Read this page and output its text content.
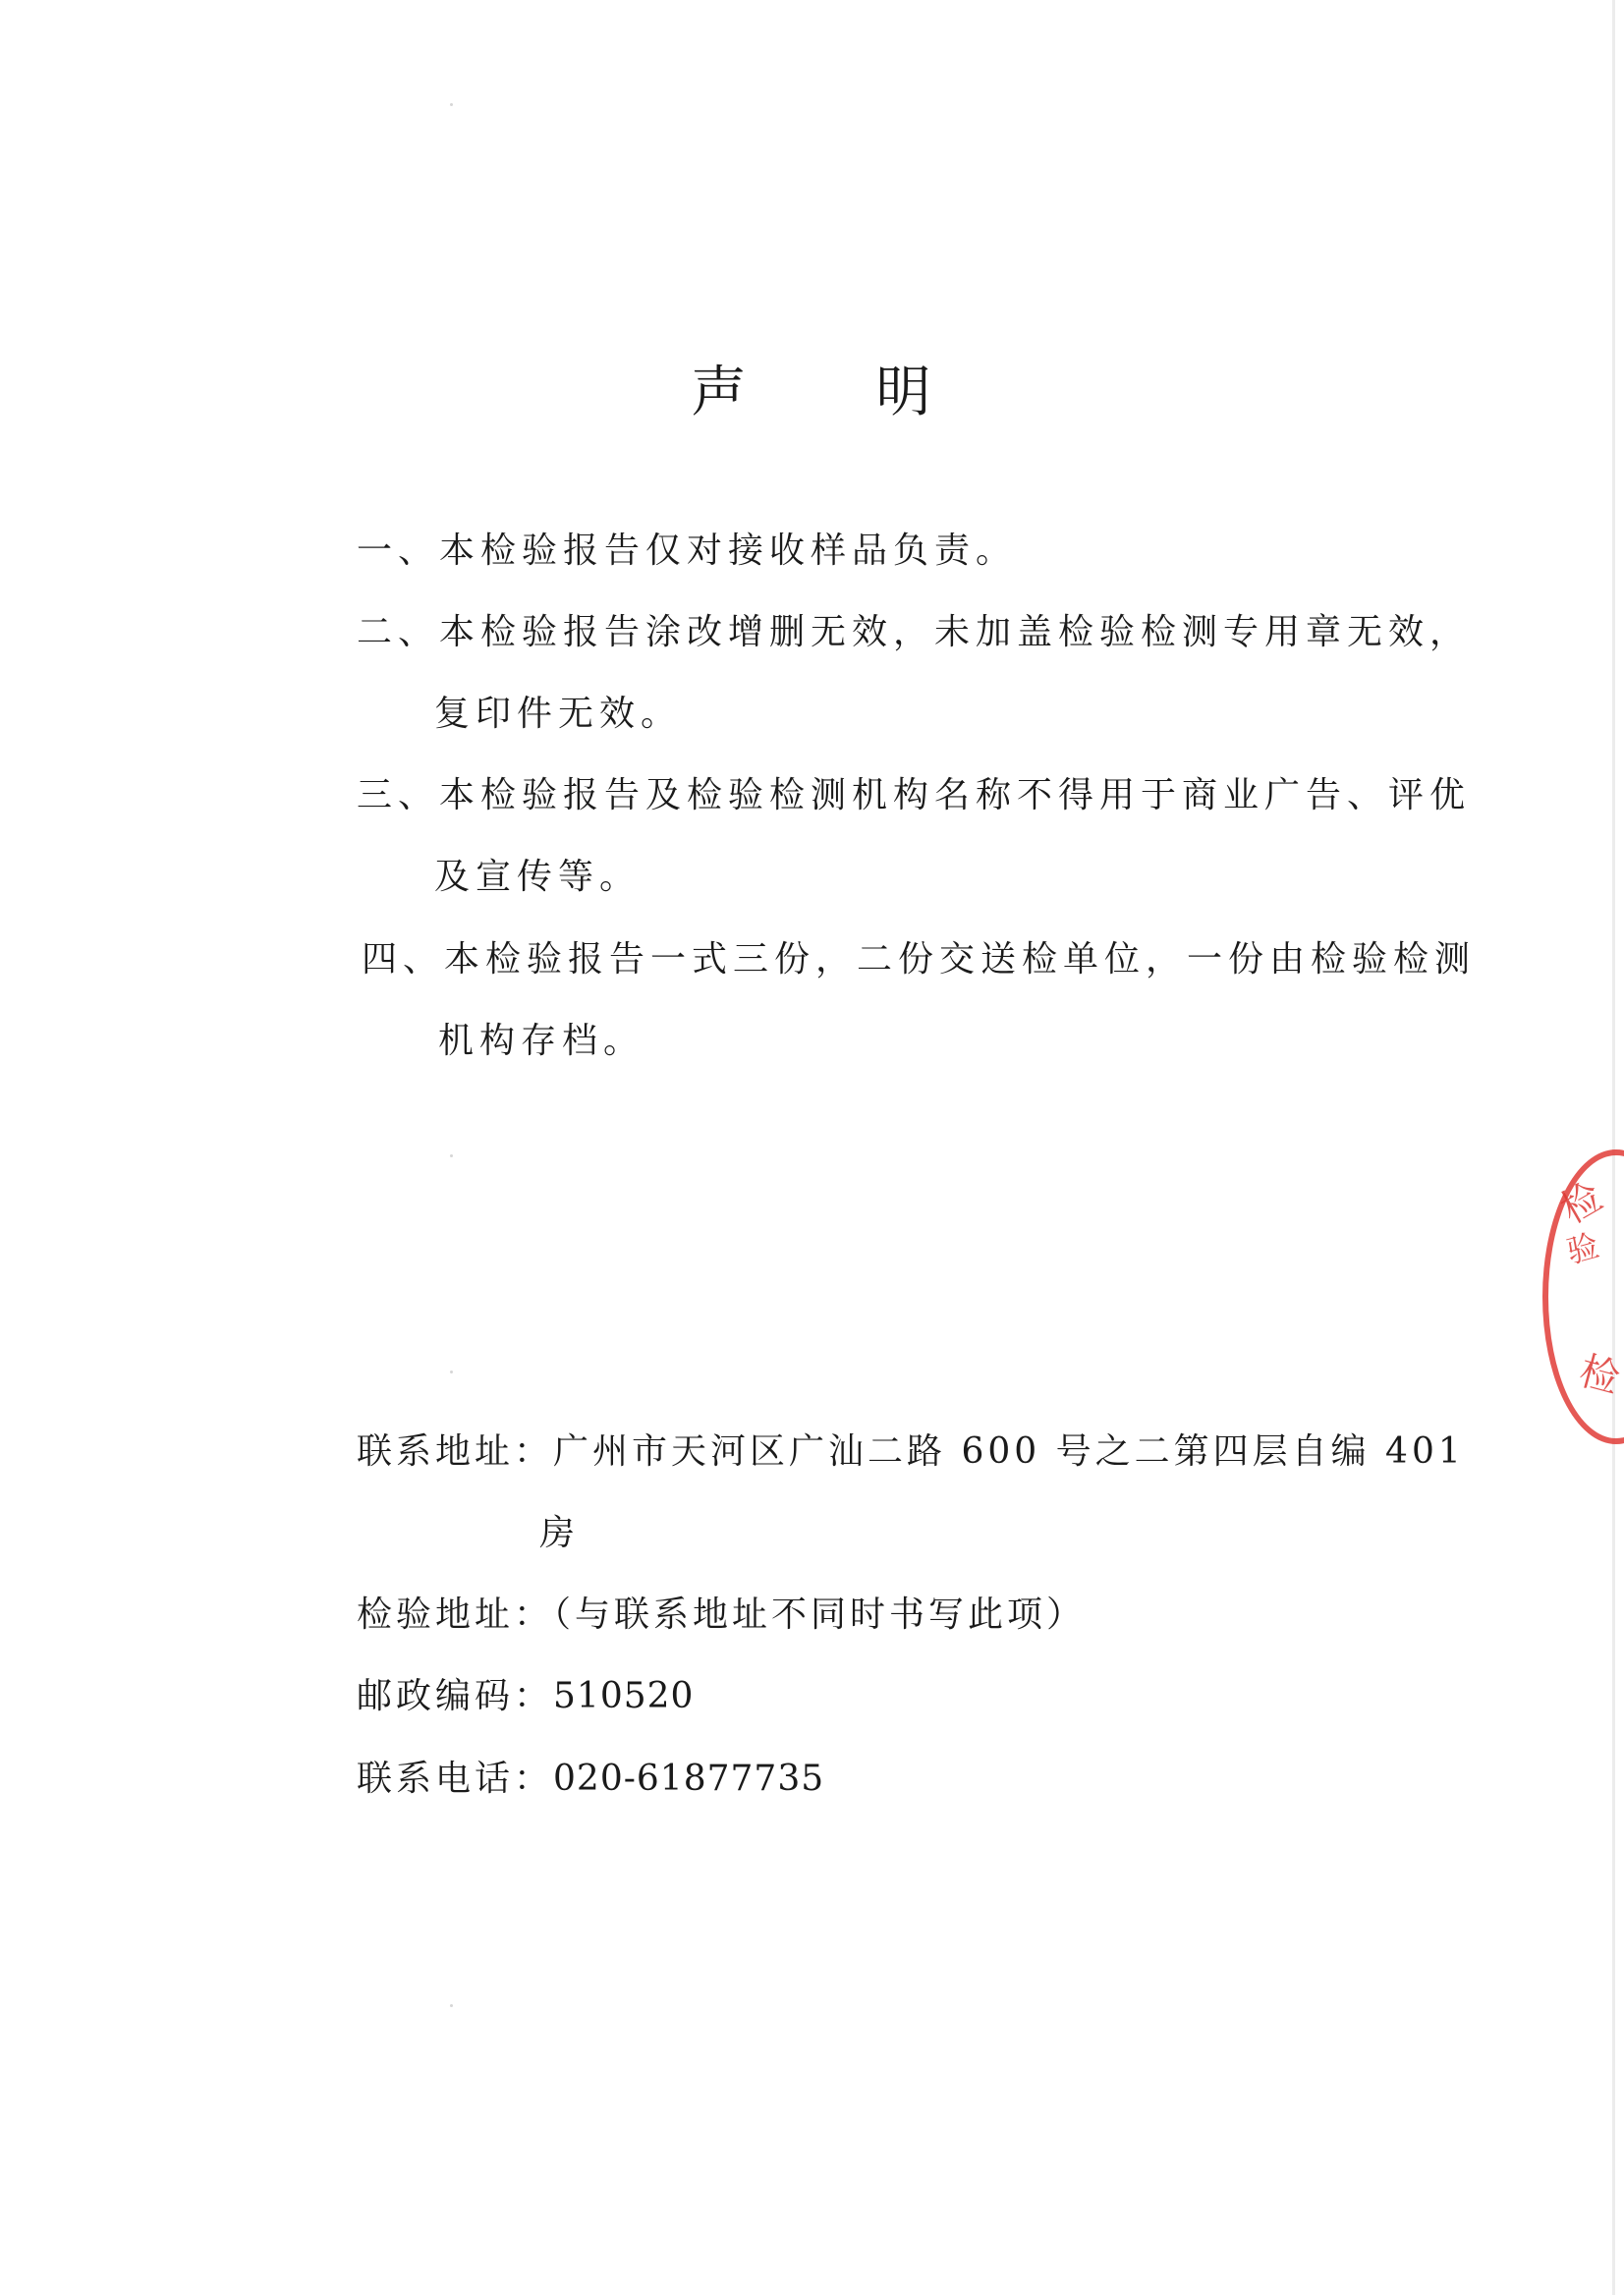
声 明
一、本检验报告仅对接收样品负责。
二、本检验报告涂改增删无效，未加盖检验检测专用章无效，
复印件无效。
三、本检验报告及检验检测机构名称不得用于商业广告、评优
及宣传等。
四、本检验报告一式三份，二份交送检单位，一份由检验检测
机构存档。
联系地址：广州市天河区广汕二路 600 号之二第四层自编 401
房
检验地址：（与联系地址不同时书写此项）
邮政编码：510520
联系电话：020-61877735
检
验
检
